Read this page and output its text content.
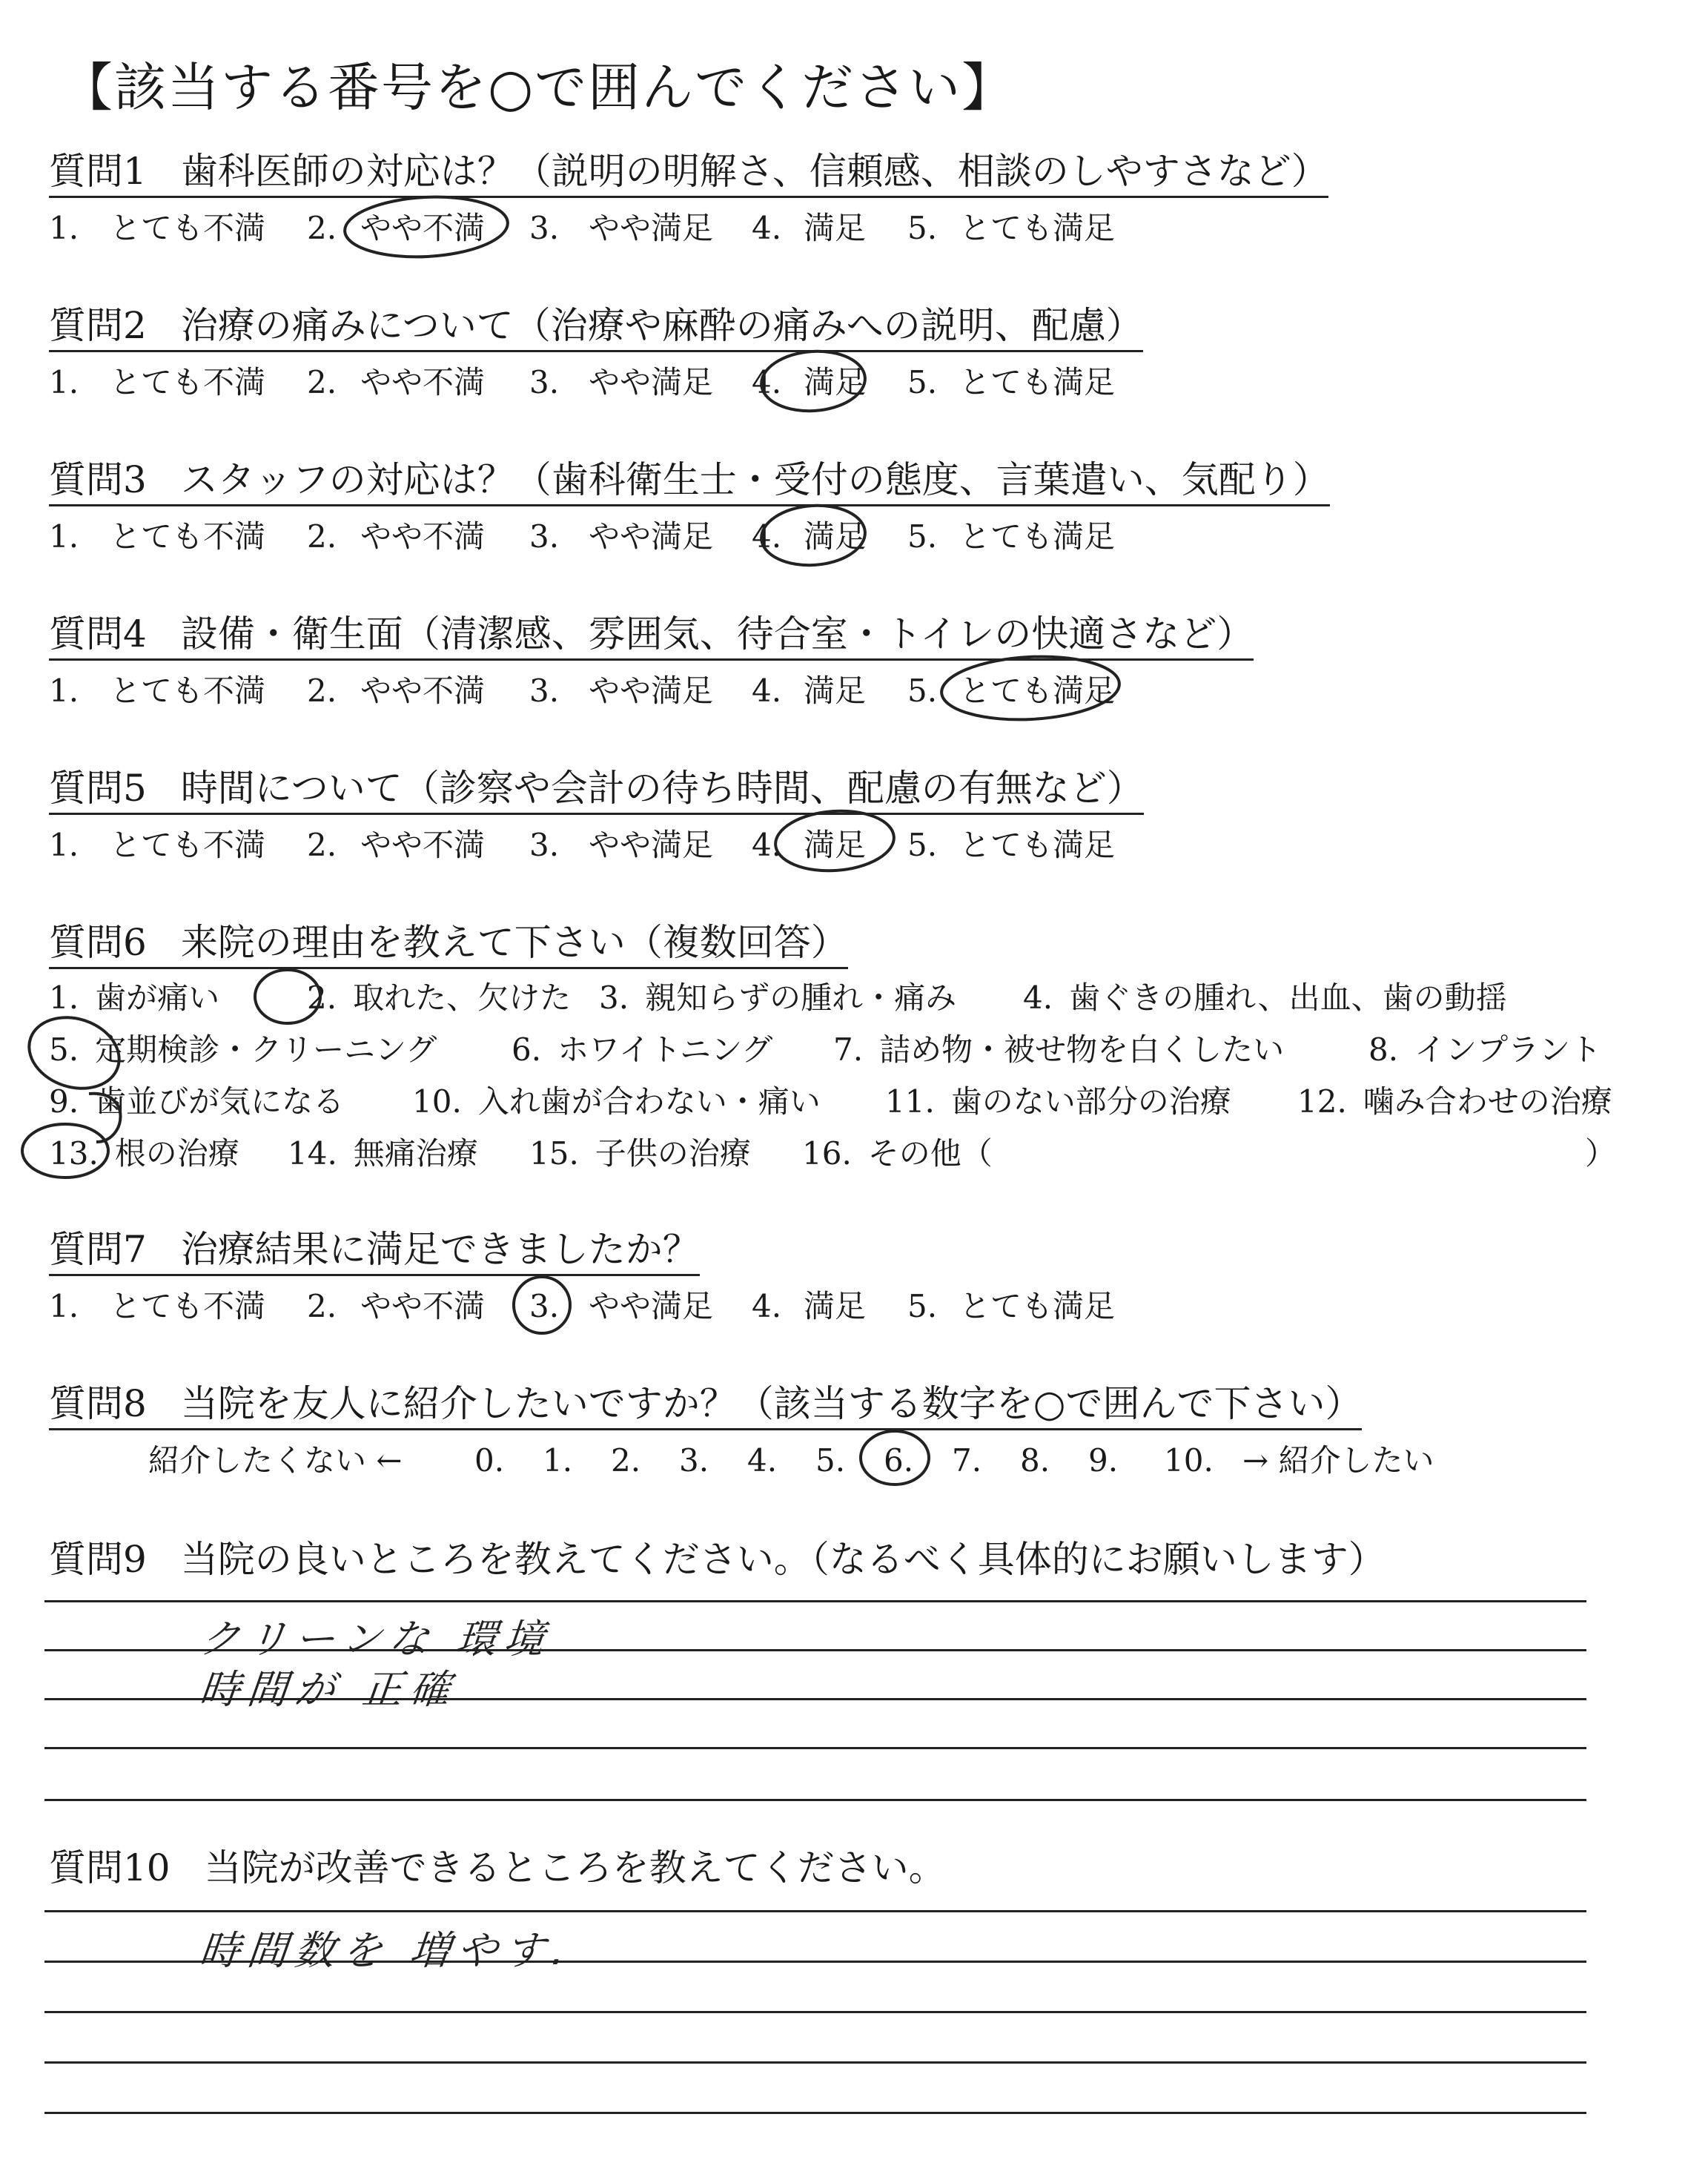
【該当する番号を○で囲んでください】
質問1 歯科医師の対応は？（説明の明解さ、信頼感、相談のしやすさなど）
1. とても不満 2. やや不満 3. やや満足 4. 満足 5. とても満足
質問2 治療の痛みについて（治療や麻酔の痛みへの説明、配慮）
1. とても不満 2. やや不満 3. やや満足 4. 満足 5. とても満足
質問3 スタッフの対応は？（歯科衛生士・受付の態度、言葉遣い、気配り）
1. とても不満 2. やや不満 3. やや満足 4. 満足 5. とても満足
質問4 設備・衛生面（清潔感、雰囲気、待合室・トイレの快適さなど）
1. とても不満 2. やや不満 3. やや満足 4. 満足 5. とても満足
質問5 時間について（診察や会計の待ち時間、配慮の有無など）
1. とても不満 2. やや不満 3. やや満足 4. 満足 5. とても満足
質問6 来院の理由を教えて下さい（複数回答）
1. 歯が痛い	2. 取れた、欠けた 3. 親知らずの腫れ・痛み 4. 歯ぐきの腫れ、出血、歯の動揺
5. 定期検診・クリーニング 6. ホワイトニング 7. 詰め物・被せ物を白くしたい	8. インプラント
9. 歯並びが気になる 10. 入れ歯が合わない・痛い 11. 歯のない部分の治療 12. 噛み合わせの治療
13. 根の治療 14. 無痛治療 15. 子供の治療 16. その他（	）
質問7 治療結果に満足できましたか？
1. とても不満 2. やや不満 3. やや満足 4. 満足 5. とても満足
質問8 当院を友人に紹介したいですか？（該当する数字を○で囲んで下さい）
紹介したくない ← 0. 1. 2. 3. 4. 5. 6. 7. 8. 9. 10. → 紹介したい
質問9 当院の良いところを教えてください。（なるべく具体的にお願いします）
クリーンな 環境
時間が 正確
質問10 当院が改善できるところを教えてください。
時間数を 増やす.
